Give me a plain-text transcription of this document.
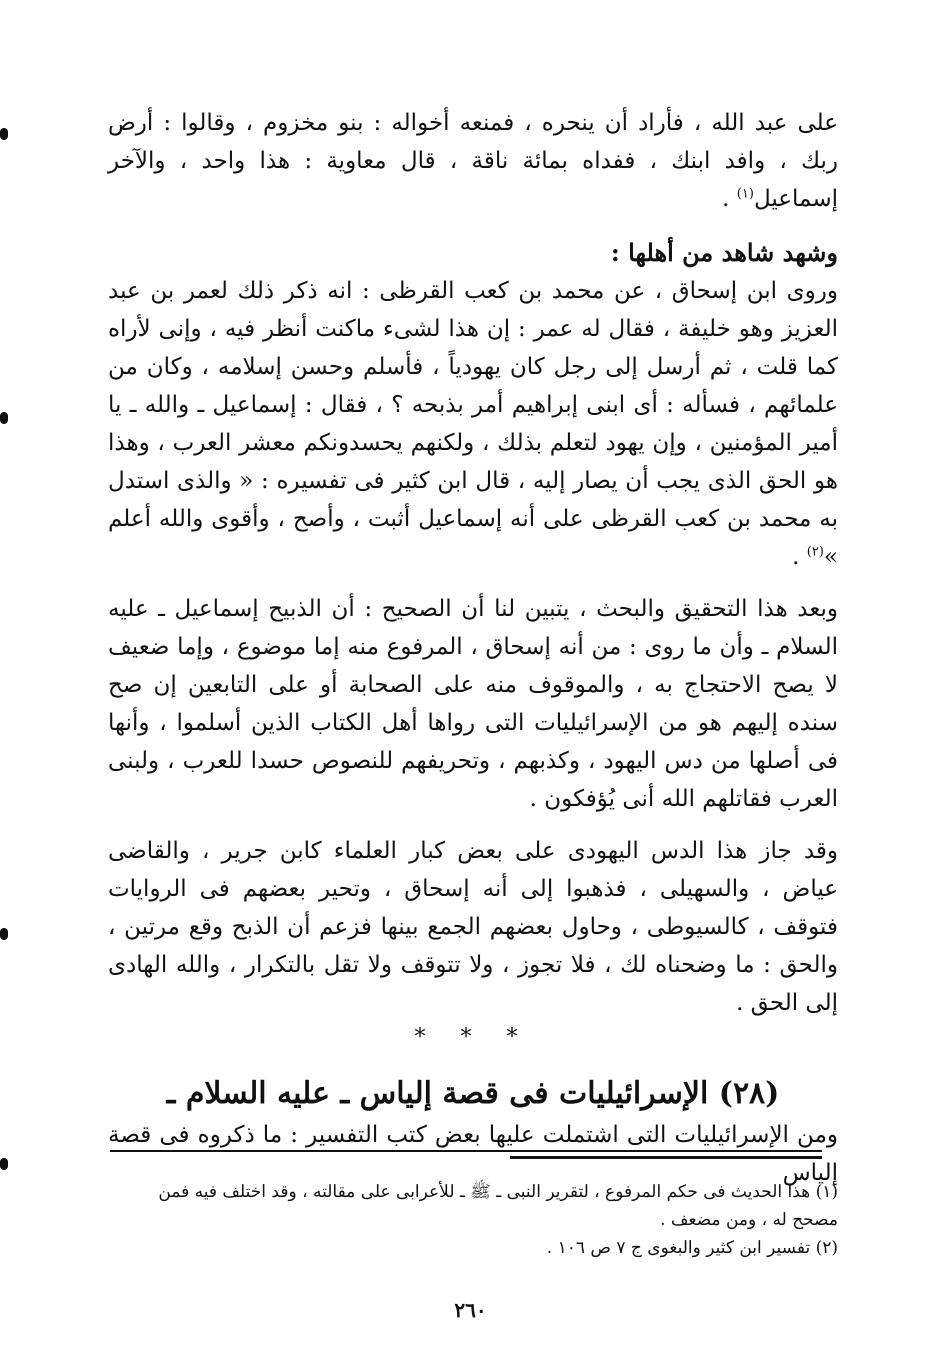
على عبد الله ، فأراد أن ينحره ، فمنعه أخواله : بنو مخزوم ، وقالوا : أرض ربك ، وافد ابنك ، ففداه بمائة ناقة ، قال معاوية : هذا واحد ، والآخر إسماعيل$^{(١)}$ .

وشهد شاهد من أهلها :

وروى ابن إسحاق ، عن محمد بن كعب القرظى : انه ذكر ذلك لعمر بن عبد العزيز وهو خليفة ، فقال له عمر : إن هذا لشىء ماكنت أنظر فيه ، وإنى لأراه كما قلت ، ثم أرسل إلى رجل كان يهودياً ، فأسلم وحسن إسلامه ، وكان من علمائهم ، فسأله : أى ابنى إبراهيم أمر بذبحه ؟ ، فقال : إسماعيل ـ والله ـ يا أمير المؤمنين ، وإن يهود لتعلم بذلك ، ولكنهم يحسدونكم معشر العرب ، وهذا هو الحق الذى يجب أن يصار إليه ، قال ابن كثير فى تفسيره : « والذى استدل به محمد بن كعب القرظى على أنه إسماعيل أثبت ، وأصح ، وأقوى والله أعلم »$^{(٢)}$ .

وبعد هذا التحقيق والبحث ، يتبين لنا أن الصحيح : أن الذبيح إسماعيل ـ عليه السلام ـ وأن ما روى : من أنه إسحاق ، المرفوع منه إما موضوع ، وإما ضعيف لا يصح الاحتجاج به ، والموقوف منه على الصحابة أو على التابعين إن صح سنده إليهم هو من الإسرائيليات التى رواها أهل الكتاب الذين أسلموا ، وأنها فى أصلها من دس اليهود ، وكذبهم ، وتحريفهم للنصوص حسدا للعرب ، ولبنى العرب فقاتلهم الله أنى يُؤفكون .

وقد جاز هذا الدس اليهودى على بعض كبار العلماء كابن جرير ، والقاضى عياض ، والسهيلى ، فذهبوا إلى أنه إسحاق ، وتحير بعضهم فى الروايات فتوقف ، كالسيوطى ، وحاول بعضهم الجمع بينها فزعم أن الذبح وقع مرتين ، والحق : ما وضحناه لك ، فلا تجوز ، ولا تتوقف ولا تقل بالتكرار ، والله الهادى إلى الحق .

* * *
(٢٨) الإسرائيليات فى قصة إلياس ـ عليه السلام ـ

ومن الإسرائيليات التى اشتملت عليها بعض كتب التفسير : ما ذكروه فى قصة إلياس

(١) هذا الحديث فى حكم المرفوع ، لتقرير النبى ـ ﷺ ـ للأعرابى على مقالته ، وقد اختلف فيه فمن مصحح له ، ومن مضعف .

(٢) تفسير ابن كثير والبغوى ج ٧ ص ١٠٦ .

٢٦٠
